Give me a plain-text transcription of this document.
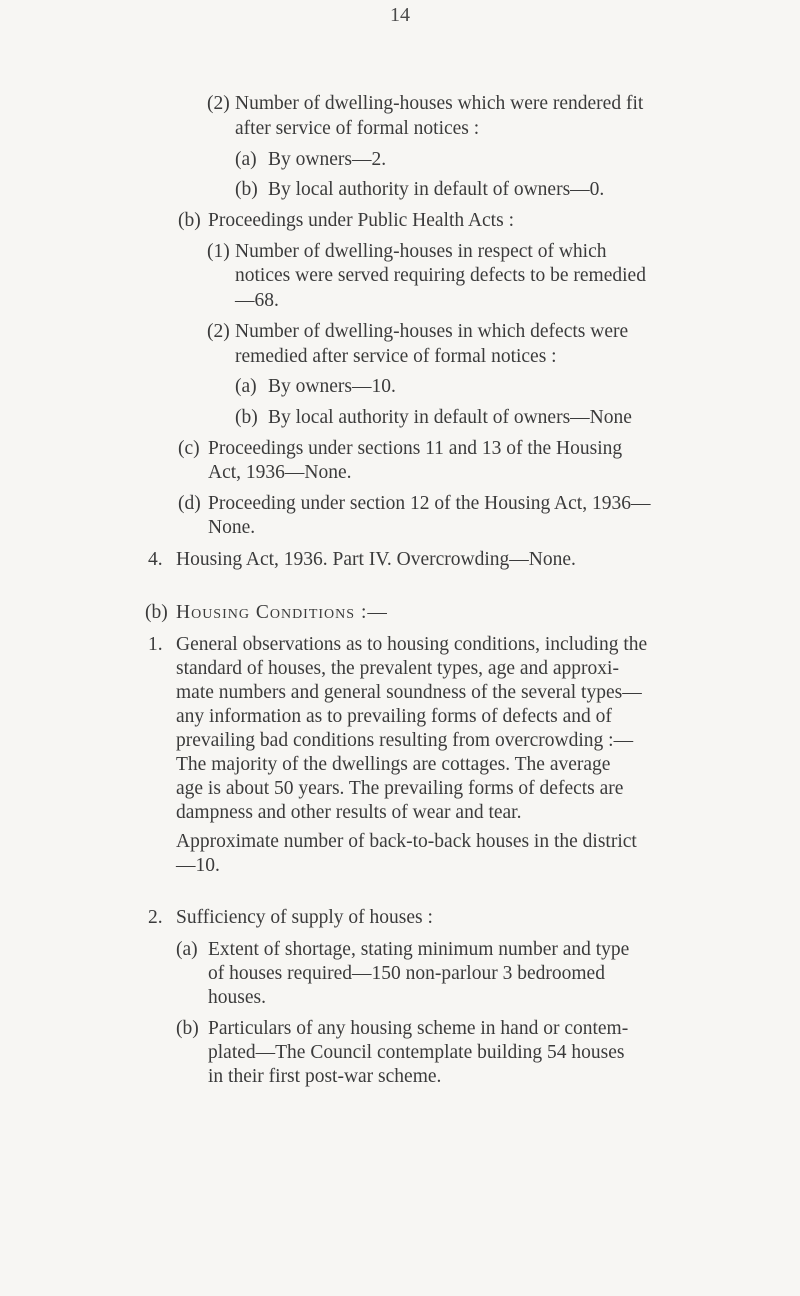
14
(2) Number of dwelling-houses which were rendered fit
after service of formal notices :
(a) By owners—2.
(b) By local authority in default of owners—0.
(b) Proceedings under Public Health Acts :
(1) Number of dwelling-houses in respect of which
notices were served requiring defects to be remedied
—68.
(2) Number of dwelling-houses in which defects were
remedied after service of formal notices :
(a) By owners—10.
(b) By local authority in default of owners—None
(c) Proceedings under sections 11 and 13 of the Housing
Act, 1936—None.
(d) Proceeding under section 12 of the Housing Act, 1936—
None.
4. Housing Act, 1936. Part IV. Overcrowding—None.
(b) Housing Conditions :—
1. General observations as to housing conditions, including the
standard of houses, the prevalent types, age and approxi-
mate numbers and general soundness of the several types—
any information as to prevailing forms of defects and of
prevailing bad conditions resulting from overcrowding :—
The majority of the dwellings are cottages. The average
age is about 50 years. The prevailing forms of defects are
dampness and other results of wear and tear.
Approximate number of back-to-back houses in the district
—10.
2. Sufficiency of supply of houses :
(a) Extent of shortage, stating minimum number and type
of houses required—150 non-parlour 3 bedroomed
houses.
(b) Particulars of any housing scheme in hand or contem-
plated—The Council contemplate building 54 houses
in their first post-war scheme.
